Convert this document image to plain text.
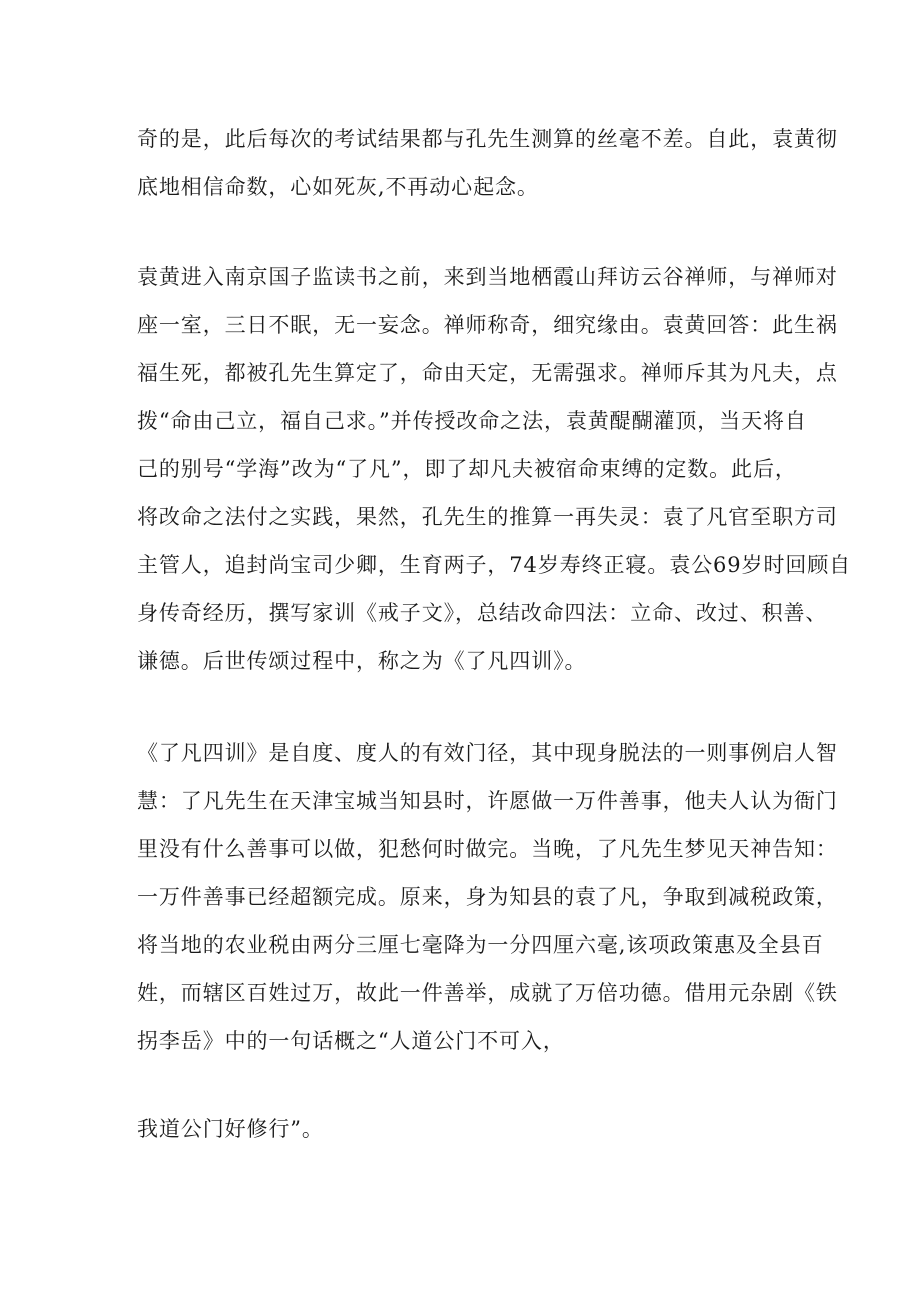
奇的是，此后每次的考试结果都与孔先生测算的丝毫不差。自此，袁黄彻
底地相信命数，心如死灰,不再动心起念。
袁黄进入南京国子监读书之前，来到当地栖霞山拜访云谷禅师，与禅师对
座一室，三日不眠，无一妄念。禅师称奇，细究缘由。袁黄回答：此生祸
福生死，都被孔先生算定了，命由天定，无需强求。禅师斥其为凡夫，点
拨“命由己立，福自己求。”并传授改命之法，袁黄醍醐灌顶，当天将自
己的别号“学海”改为“了凡”，即了却凡夫被宿命束缚的定数。此后，
将改命之法付之实践，果然，孔先生的推算一再失灵：袁了凡官至职方司
主管人，追封尚宝司少卿，生育两子，74岁寿终正寝。袁公69岁时回顾自
身传奇经历，撰写家训《戒子文》，总结改命四法：立命、改过、积善、
谦德。后世传颂过程中，称之为《了凡四训》。
《了凡四训》是自度、度人的有效门径，其中现身脱法的一则事例启人智
慧：了凡先生在天津宝城当知县时，许愿做一万件善事，他夫人认为衙门
里没有什么善事可以做，犯愁何时做完。当晚，了凡先生梦见天神告知：
一万件善事已经超额完成。原来，身为知县的袁了凡，争取到减税政策，
将当地的农业税由两分三厘七毫降为一分四厘六毫,该项政策惠及全县百
姓，而辖区百姓过万，故此一件善举，成就了万倍功德。借用元杂剧《铁
拐李岳》中的一句话概之“人道公门不可入，
我道公门好修行”。
